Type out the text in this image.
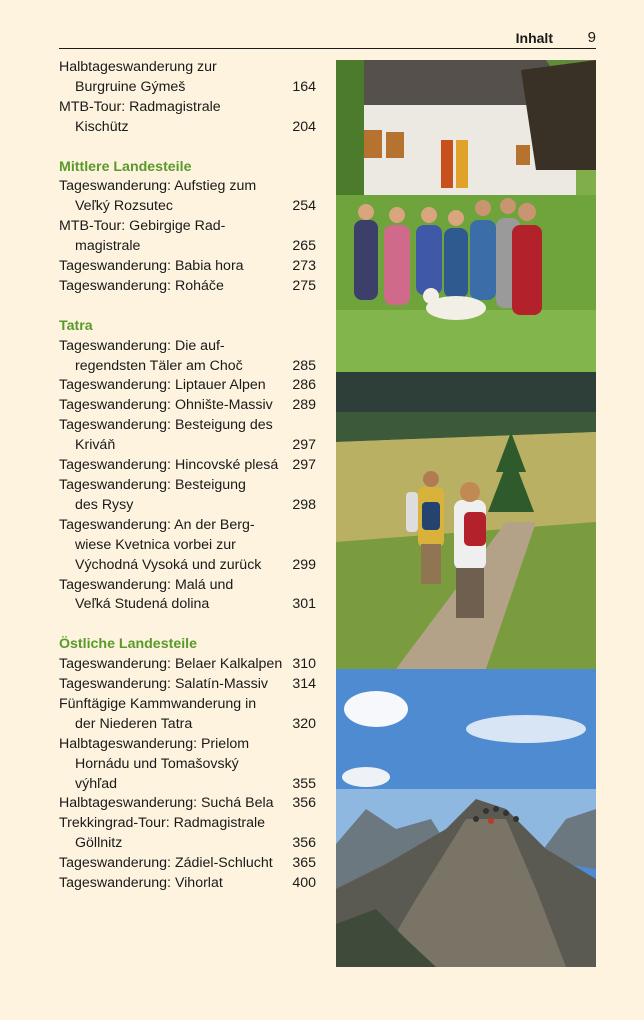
Inhalt 9
Halbtageswanderung zur
Burgruine Gýmeš	164
MTB-Tour: Radmagistrale
Kischütz	204
Mittlere Landesteile
Tageswanderung: Aufstieg zum
Veľký Rozsutec	254
MTB-Tour: Gebirgige Rad-
magistrale	265
Tageswanderung: Babia hora	273
Tageswanderung: Roháče	275
Tatra
Tageswanderung: Die auf-
regendsten Täler am Choč	285
Tageswanderung: Liptauer Alpen 286
Tageswanderung: Ohnište-Massiv 289
Tageswanderung: Besteigung des
Kriváň	297
Tageswanderung: Hincovské plesá 297
Tageswanderung: Besteigung
des Rysy	298
Tageswanderung: An der Berg-
wiese Kvetnica vorbei zur
Východná Vysoká und zurück	299
Tageswanderung: Malá und
Veľká Studená dolina	301
Östliche Landesteile
Tageswanderung: Belaer Kalkalpen 310
Tageswanderung: Salatín-Massiv 314
Fünftägige Kammwanderung in
der Niederen Tatra	320
Halbtageswanderung: Prielom
Hornádu und Tomašovský
výhľad	355
Halbtageswanderung: Suchá Bela 356
Trekkingrad-Tour: Radmagistrale
Göllnitz	356
Tageswanderung: Zádiel-Schlucht 365
Tageswanderung: Vihorlat	400
